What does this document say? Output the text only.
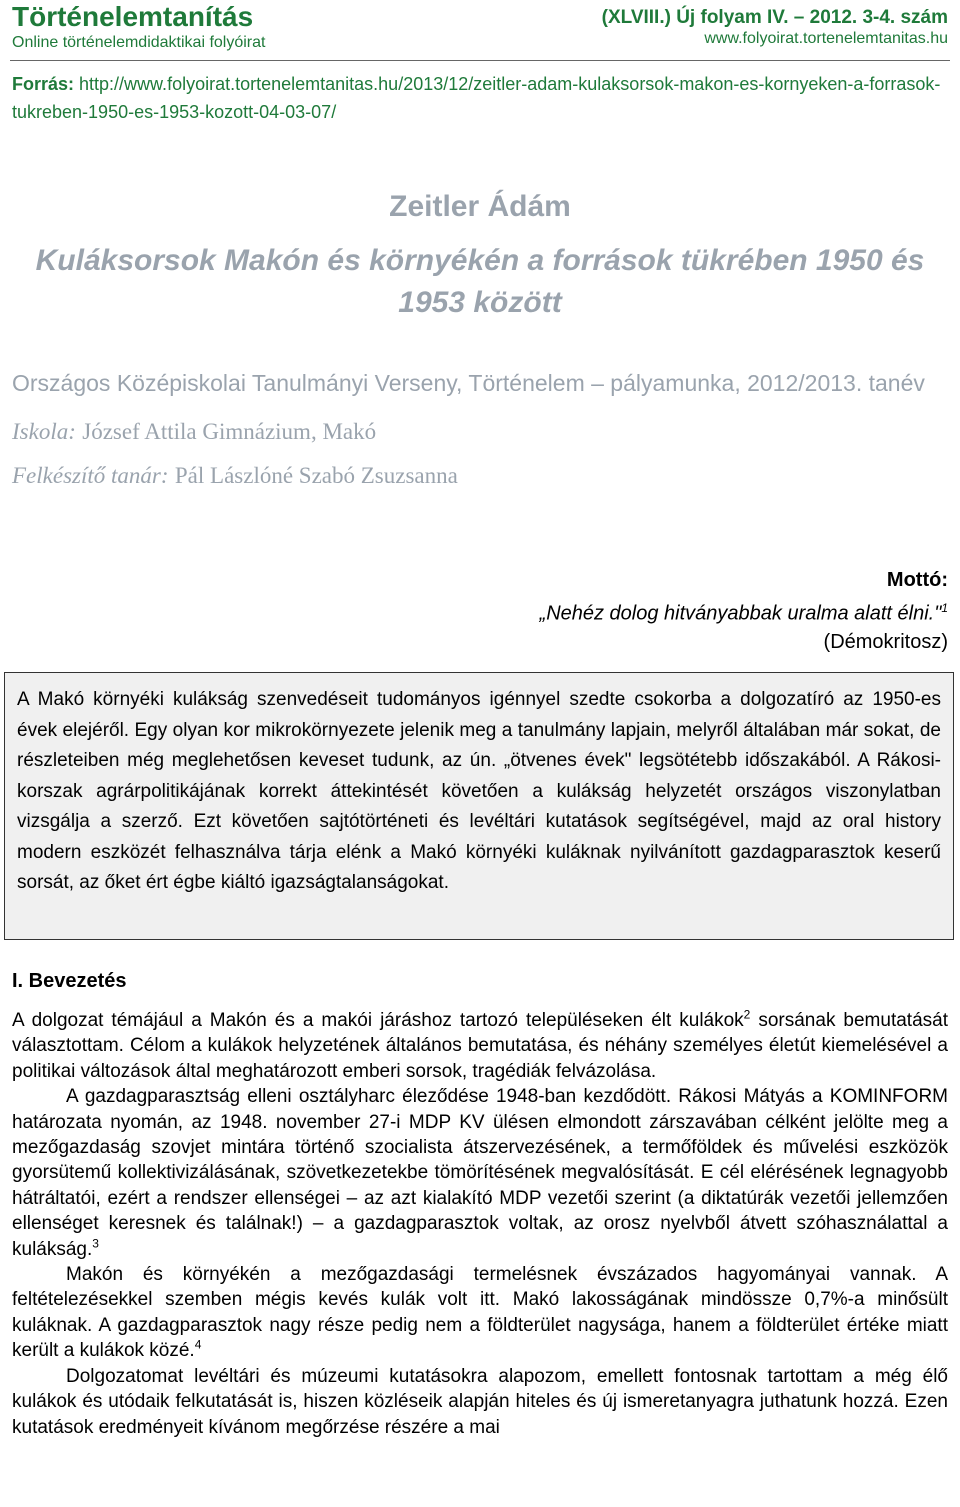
Történelemtanítás

Online történelemdidaktikai folyóirat

(XLVIII.) Új folyam IV. – 2012. 3-4. szám

www.folyoirat.tortenelemtanitas.hu

Forrás: http://www.folyoirat.tortenelemtanitas.hu/2013/12/zeitler-adam-kulaksorsok-makon-es-kornyeken-a-forrasok-tukreben-1950-es-1953-kozott-04-03-07/
Zeitler Ádám
Kuláksorsok Makón és környékén a források tükrében 1950 és 1953 között
Országos Középiskolai Tanulmányi Verseny, Történelem – pályamunka, 2012/2013. tanév
Iskola: József Attila Gimnázium, Makó
Felkészítő tanár: Pál Lászlóné Szabó Zsuzsanna
Mottó:
„Nehéz dolog hitványabbak uralma alatt élni."$^1$
(Démokritosz)
A Makó környéki kulákság szenvedéseit tudományos igénnyel szedte csokorba a dolgozatíró az 1950-es évek elejéről. Egy olyan kor mikrokörnyezete jelenik meg a tanulmány lapjain, melyről általában már sokat, de részleteiben még meglehetősen keveset tudunk, az ún. „ötvenes évek" legsötétebb időszakából. A Rákosi-korszak agrárpolitikájának korrekt áttekintését követően a kulákság helyzetét országos viszonylatban vizsgálja a szerző. Ezt követően sajtótörténeti és levéltári kutatások segítségével, majd az oral history modern eszközét felhasználva tárja elénk a Makó környéki kuláknak nyilvánított gazdagparasztok keserű sorsát, az őket ért égbe kiáltó igazságtalanságokat.
I. Bevezetés

A dolgozat témájául a Makón és a makói járáshoz tartozó településeken élt kulákok$^2$ sorsának bemutatását választottam. Célom a kulákok helyzetének általános bemutatása, és néhány személyes életút kiemelésével a politikai változások által meghatározott emberi sorsok, tragédiák felvázolása.

A gazdagparasztság elleni osztályharc éleződése 1948-ban kezdődött. Rákosi Mátyás a KOMINFORM határozata nyomán, az 1948. november 27-i MDP KV ülésen elmondott zárszavában célként jelölte meg a mezőgazdaság szovjet mintára történő szocialista átszervezésének, a termőföldek és művelési eszközök gyorsütemű kollektivizálásának, szövetkezetekbe tömörítésének megvalósítását. E cél elérésének legnagyobb hátráltatói, ezért a rendszer ellenségei – az azt kialakító MDP vezetői szerint (a diktatúrák vezetői jellemzően ellenséget keresnek és találnak!) – a gazdagparasztok voltak, az orosz nyelvből átvett szóhasználattal a kulákság.$^3$

Makón és környékén a mezőgazdasági termelésnek évszázados hagyományai vannak. A feltételezésekkel szemben mégis kevés kulák volt itt. Makó lakosságának mindössze 0,7%-a minősült kuláknak. A gazdagparasztok nagy része pedig nem a földterület nagysága, hanem a földterület értéke miatt került a kulákok közé.$^4$

Dolgozatomat levéltári és múzeumi kutatásokra alapozom, emellett fontosnak tartottam a még élő kulákok és utódaik felkutatását is, hiszen közléseik alapján hiteles és új ismeretanyagra juthatunk hozzá. Ezen kutatások eredményeit kívánom megőrzése részére a mai
